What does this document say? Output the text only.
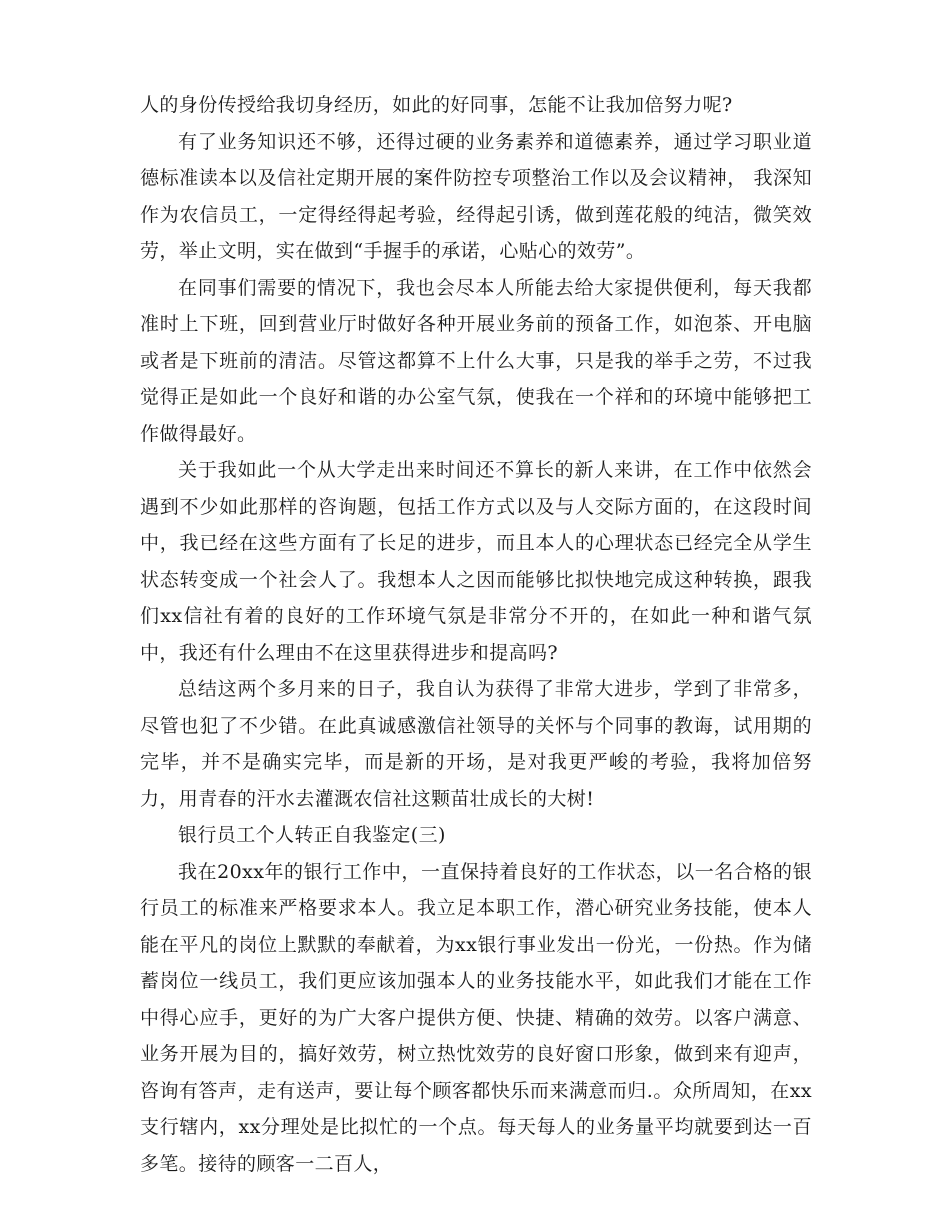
人的身份传授给我切身经历，如此的好同事，怎能不让我加倍努力呢?

有了业务知识还不够，还得过硬的业务素养和道德素养，通过学习职业道德标准读本以及信社定期开展的案件防控专项整治工作以及会议精神， 我深知作为农信员工，一定得经得起考验，经得起引诱，做到莲花般的纯洁，微笑效劳，举止文明，实在做到“手握手的承诺，心贴心的效劳”。

在同事们需要的情况下，我也会尽本人所能去给大家提供便利，每天我都准时上下班，回到营业厅时做好各种开展业务前的预备工作，如泡茶、开电脑或者是下班前的清洁。尽管这都算不上什么大事，只是我的举手之劳，不过我觉得正是如此一个良好和谐的办公室气氛，使我在一个祥和的环境中能够把工作做得最好。

关于我如此一个从大学走出来时间还不算长的新人来讲，在工作中依然会遇到不少如此那样的咨询题，包括工作方式以及与人交际方面的，在这段时间中，我已经在这些方面有了长足的进步，而且本人的心理状态已经完全从学生状态转变成一个社会人了。我想本人之因而能够比拟快地完成这种转换，跟我们xx信社有着的良好的工作环境气氛是非常分不开的，在如此一种和谐气氛中，我还有什么理由不在这里获得进步和提高吗?

总结这两个多月来的日子，我自认为获得了非常大进步，学到了非常多，尽管也犯了不少错。在此真诚感激信社领导的关怀与个同事的教诲，试用期的完毕，并不是确实完毕，而是新的开场，是对我更严峻的考验，我将加倍努力，用青春的汗水去灌溉农信社这颗苗壮成长的大树!

银行员工个人转正自我鉴定(三)

我在20xx年的银行工作中，一直保持着良好的工作状态，以一名合格的银行员工的标准来严格要求本人。我立足本职工作，潜心研究业务技能，使本人能在平凡的岗位上默默的奉献着，为xx银行事业发出一份光，一份热。作为储蓄岗位一线员工，我们更应该加强本人的业务技能水平，如此我们才能在工作中得心应手，更好的为广大客户提供方便、快捷、精确的效劳。以客户满意、业务开展为目的，搞好效劳，树立热忱效劳的良好窗口形象，做到来有迎声，咨询有答声，走有送声，要让每个顾客都快乐而来满意而归.。众所周知，在xx支行辖内，xx分理处是比拟忙的一个点。每天每人的业务量平均就要到达一百多笔。接待的顾客一二百人，
